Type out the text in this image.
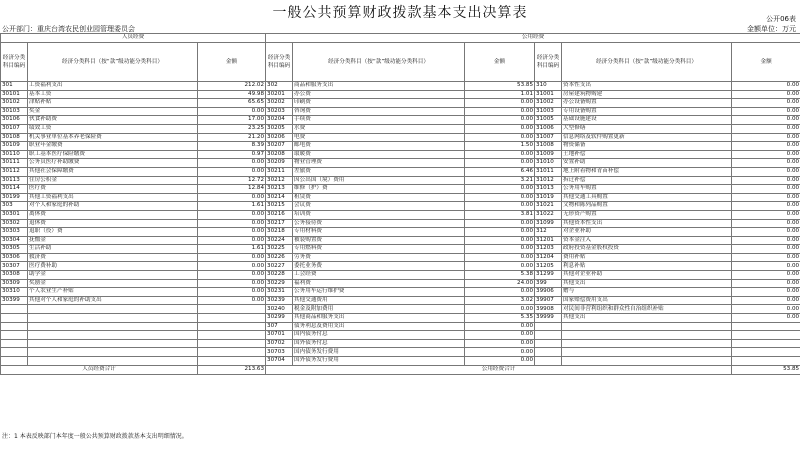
一般公共预算财政拨款基本支出决算表	公开06表
公开部门：重庆台湾农民创业园管理委员会	金额单位：万元
人员经费			公用经费					
经济分类科目编码	经济分类科目（按“款”级功能分类科目）	金额	经济分类科目编码	经济分类科目（按“款”级功能分类科目）	金额	经济分类科目编码	经济分类科目（按“款”级功能分类科目）	金额
301	工资福利支出	212.02	302	商品和服务支出	53.85	310	资本性支出	0.00
30101	基本工资	49.98	30201	办公费	1.01	31001	房屋建筑物购建	0.00
30102	津贴补贴	65.65	30202	印刷费	0.00	31002	办公设备购置	0.00
30103	奖金	0.00	30203	咨询费	0.00	31003	专用设备购置	0.00
30106	伙食补助费	17.00	30204	手续费	0.00	31005	基础设施建设	0.00
30107	绩效工资	23.25	30205	水费	0.00	31006	大型修缮	0.00
30108	机关事业单位基本养老保险费	21.20	30206	电费	0.00	31007	信息网络及软件购置更新	0.00
30109	职业年金缴费	8.39	30207	邮电费	1.50	31008	物资储备	0.00
30110	职工基本医疗保险缴费	0.97	30208	取暖费	0.00	31009	土地补偿	0.00
30111	公务员医疗补助缴费	0.00	30209	物业管理费	0.00	31010	安置补助	0.00
30112	其他社会保障缴费	0.00	30211	差旅费	6.46	31011	地上附着物和青苗补偿	0.00
30113	住房公积金	12.72	30212	因公出国（境）费用	3.21	31012	拆迁补偿	0.00
30114	医疗费	12.84	30213	维修（护）费	0.00	31013	公务用车购置	0.00
30199	其他工资福利支出	0.00	30214	租赁费	0.00	31019	其他交通工具购置	0.00
303	对个人和家庭的补助	1.61	30215	会议费	0.00	31021	文物和陈列品购置	0.00
30301	离休费	0.00	30216	培训费	3.81	31022	无形资产购置	0.00
30302	退休费	0.00	30217	公务接待费	0.00	31099	其他资本性支出	0.00
30303	退职（役）费	0.00	30218	专用材料费	0.00	312	对企业补助	0.00
30304	抚恤金	0.00	30224	被装购置费	0.00	31201	资本金注入	0.00
30305	生活补助	1.61	30225	专用燃料费	0.00	31203	政府投资基金股权投资	0.00
30306	救济费	0.00	30226	劳务费	0.00	31204	费用补贴	0.00
30307	医疗费补助	0.00	30227	委托业务费	0.00	31205	利息补贴	0.00
30308	助学金	0.00	30228	工会经费	5.38	31299	其他对企业补助	0.00
30309	奖励金	0.00	30229	福利费	24.00	399	其他支出	0.00
30310	个人农业生产补贴	0.00	30231	公务用车运行维护费	0.00	39906	赠与	0.00
30399	其他对个人和家庭的补助支出	0.00	30239	其他交通费用	3.02	39907	国家赔偿费用支出	0.00
			30240	税金及附加费用	0.00	39908	对民间非营利组织和群众性自治组织补贴	0.00
			30299	其他商品和服务支出	5.35	39999	其他支出	0.00
			307	债务利息及费用支出	0.00			
			30701	国内债务付息	0.00			
			30702	国外债务付息	0.00			
			30703	国内债务发行费用	0.00			
			30704	国外债务发行费用	0.00			
人员经费合计		213.63	公用经费合计					53.85
注：1 本表反映部门本年度一般公共预算财政拨款基本支出明细情况。
